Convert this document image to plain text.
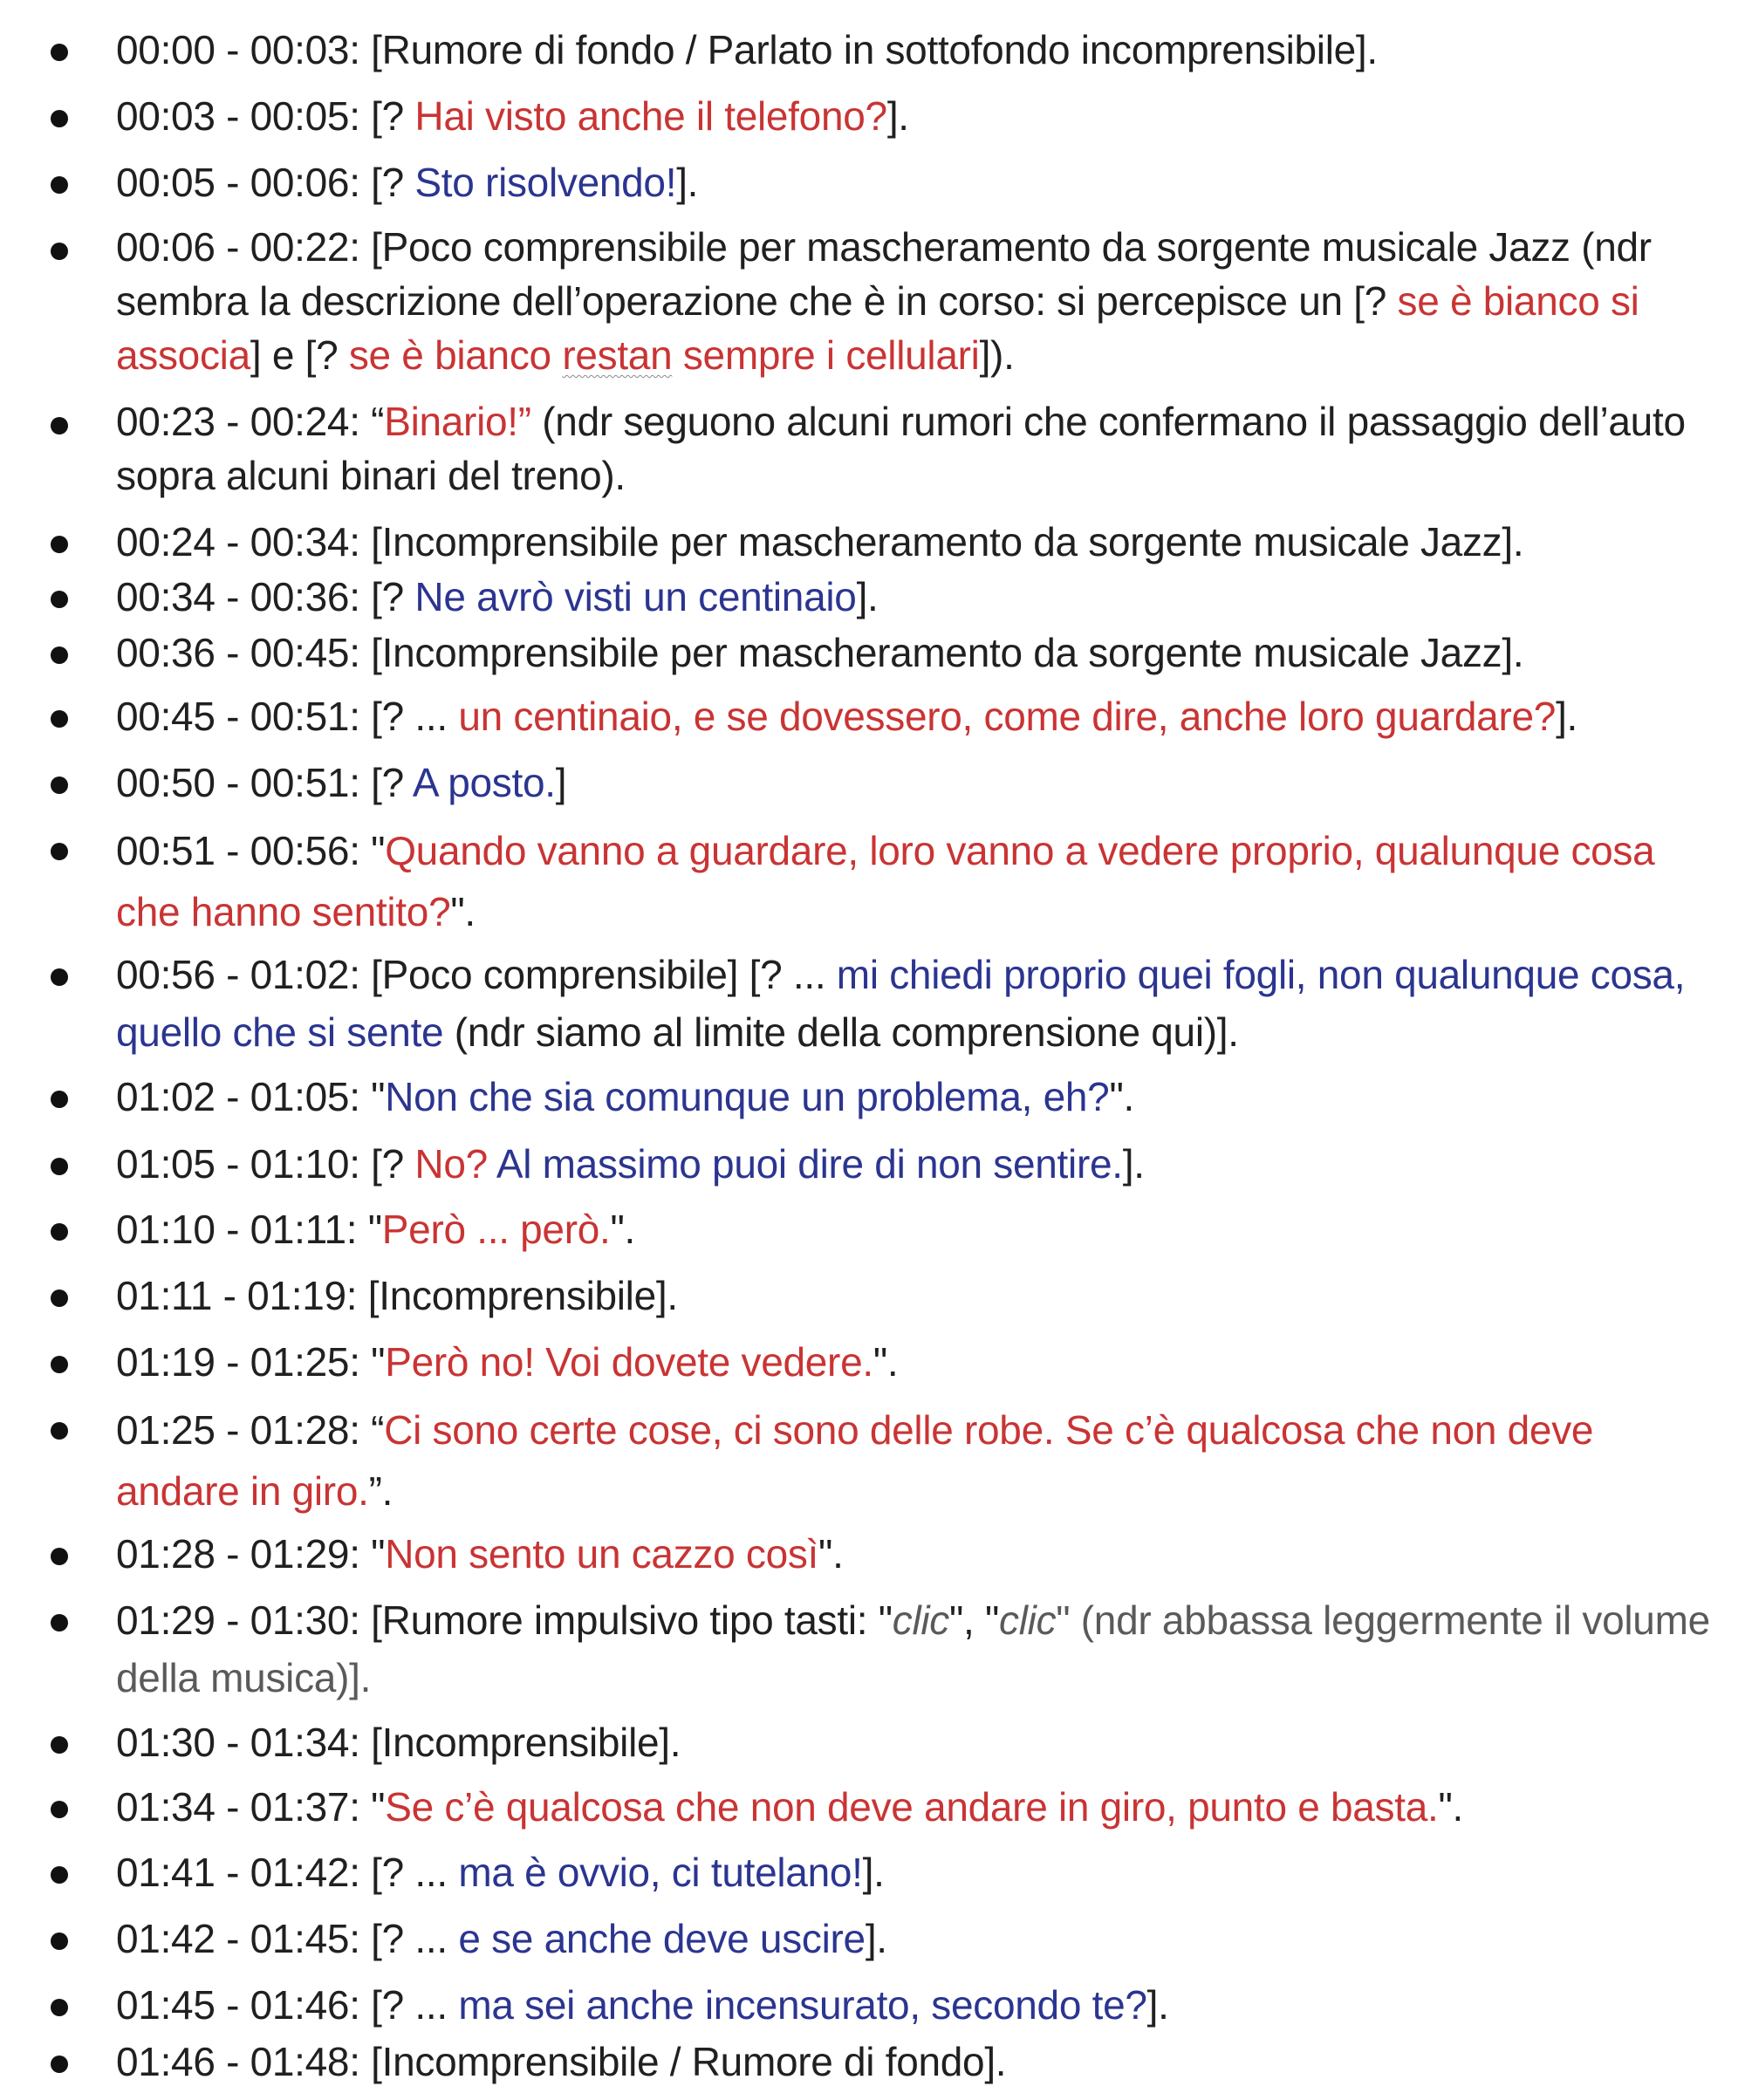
00:00 - 00:03: [Rumore di fondo / Parlato in sottofondo incomprensibile].
00:03 - 00:05: [? Hai visto anche il telefono?].
00:05 - 00:06: [? Sto risolvendo!].
00:06 - 00:22: [Poco comprensibile per mascheramento da sorgente musicale Jazz (ndr sembra la descrizione dell’operazione che è in corso: si percepisce un [? se è bianco si associa] e [? se è bianco restan sempre i cellulari]).
00:23 - 00:24: “Binario!” (ndr seguono alcuni rumori che confermano il passaggio dell’auto sopra alcuni binari del treno).
00:24 - 00:34: [Incomprensibile per mascheramento da sorgente musicale Jazz].
00:34 - 00:36: [? Ne avrò visti un centinaio].
00:36 - 00:45: [Incomprensibile per mascheramento da sorgente musicale Jazz].
00:45 - 00:51: [? ... un centinaio, e se dovessero, come dire, anche loro guardare?].
00:50 - 00:51: [? A posto.]
00:51 - 00:56: "Quando vanno a guardare, loro vanno a vedere proprio, qualunque cosa che hanno sentito?".
00:56 - 01:02: [Poco comprensibile] [? ... mi chiedi proprio quei fogli, non qualunque cosa, quello che si sente (ndr siamo al limite della comprensione qui)].
01:02 - 01:05: "Non che sia comunque un problema, eh?".
01:05 - 01:10: [? No? Al massimo puoi dire di non sentire.].
01:10 - 01:11: "Però ... però.".
01:11 - 01:19: [Incomprensibile].
01:19 - 01:25: "Però no! Voi dovete vedere.".
01:25 - 01:28: “Ci sono certe cose, ci sono delle robe. Se c’è qualcosa che non deve andare in giro.”.
01:28 - 01:29: "Non sento un cazzo così".
01:29 - 01:30: [Rumore impulsivo tipo tasti: "clic", "clic" (ndr abbassa leggermente il volume della musica)].
01:30 - 01:34: [Incomprensibile].
01:34 - 01:37: "Se c’è qualcosa che non deve andare in giro, punto e basta.".
01:41 - 01:42: [? ... ma è ovvio, ci tutelano!].
01:42 - 01:45: [? ... e se anche deve uscire].
01:45 - 01:46: [? ... ma sei anche incensurato, secondo te?].
01:46 - 01:48: [Incomprensibile / Rumore di fondo].
